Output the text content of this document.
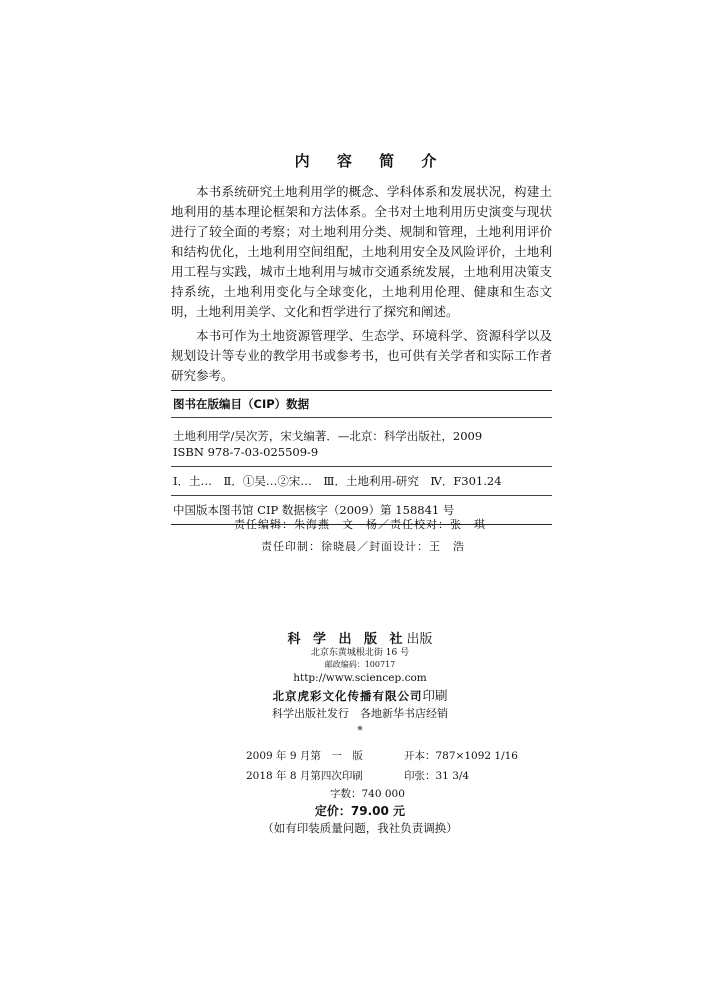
内 容 简 介

本书系统研究土地利用学的概念、学科体系和发展状况，构建土地利用的基本理论框架和方法体系。全书对土地利用历史演变与现状进行了较全面的考察；对土地利用分类、规制和管理，土地利用评价和结构优化，土地利用空间组配，土地利用安全及风险评价，土地利用工程与实践，城市土地利用与城市交通系统发展，土地利用决策支持系统，土地利用变化与全球变化，土地利用伦理、健康和生态文明，土地利用美学、文化和哲学进行了探究和阐述。

本书可作为土地资源管理学、生态学、环境科学、资源科学以及规划设计等专业的教学用书或参考书，也可供有关学者和实际工作者研究参考。

图书在版编目（CIP）数据
土地利用学/吴次芳，宋戈编著．—北京：科学出版社，2009
ISBN 978-7-03-025509-9
Ⅰ．土…　Ⅱ．①吴…②宋…　Ⅲ．土地利用-研究　Ⅳ．F301.24
中国版本图书馆 CIP 数据核字（2009）第 158841 号
责任编辑：朱海燕　文　杨／责任校对：张　琪
责任印制：徐晓晨／封面设计：王　浩
科 学 出 版 社出版
北京东黄城根北街 16 号
邮政编码：100717
http://www.sciencep.com
北京虎彩文化传播有限公司印刷
科学出版社发行　各地新华书店经销
*
2009 年 9 月第　一　版	开本：787×1092 1/16
2018 年 8 月第四次印刷	印张：31 3/4
字数：740 000
定价：79.00 元
（如有印装质量问题，我社负责调换）
